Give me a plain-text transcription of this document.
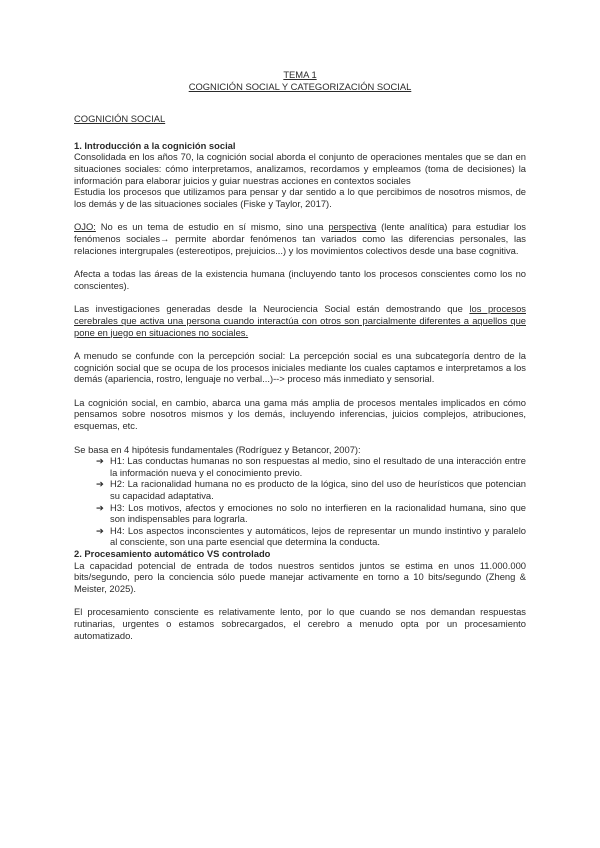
TEMA 1

COGNICIÓN SOCIAL Y CATEGORIZACIÓN SOCIAL

COGNICIÓN SOCIAL

1. Introducción a la cognición social

Consolidada en los años 70, la cognición social aborda el conjunto de operaciones mentales que se dan en situaciones sociales: cómo interpretamos, analizamos, recordamos y empleamos (toma de decisiones) la información para elaborar juicios y guiar nuestras acciones en contextos sociales

Estudia los procesos que utilizamos para pensar y dar sentido a lo que percibimos de nosotros mismos, de los demás y de las situaciones sociales (Fiske y Taylor, 2017).

OJO: No es un tema de estudio en sí mismo, sino una perspectiva (lente analítica) para estudiar los fenómenos sociales→ permite abordar fenómenos tan variados como las diferencias personales, las relaciones intergrupales (estereotipos, prejuicios...) y los movimientos colectivos desde una base cognitiva.

Afecta a todas las áreas de la existencia humana (incluyendo tanto los procesos conscientes como los no conscientes).

Las investigaciones generadas desde la Neurociencia Social están demostrando que los procesos cerebrales que activa una persona cuando interactúa con otros son parcialmente diferentes a aquellos que pone en juego en situaciones no sociales.

A menudo se confunde con la percepción social: La percepción social es una subcategoría dentro de la cognición social que se ocupa de los procesos iniciales mediante los cuales captamos e interpretamos a los demás (apariencia, rostro, lenguaje no verbal...)--> proceso más inmediato y sensorial.

La cognición social, en cambio, abarca una gama más amplia de procesos mentales implicados en cómo pensamos sobre nosotros mismos y los demás, incluyendo inferencias, juicios complejos, atribuciones, esquemas, etc.

Se basa en 4 hipótesis fundamentales (Rodríguez y Betancor, 2007):

➔ H1: Las conductas humanas no son respuestas al medio, sino el resultado de una interacción entre la información nueva y el conocimiento previo.
➔ H2: La racionalidad humana no es producto de la lógica, sino del uso de heurísticos que potencian su capacidad adaptativa.
➔ H3: Los motivos, afectos y emociones no solo no interfieren en la racionalidad humana, sino que son indispensables para lograrla.
➔ H4: Los aspectos inconscientes y automáticos, lejos de representar un mundo instintivo y paralelo al consciente, son una parte esencial que determina la conducta.

2. Procesamiento automático VS controlado

La capacidad potencial de entrada de todos nuestros sentidos juntos se estima en unos 11.000.000 bits/segundo, pero la conciencia sólo puede manejar activamente en torno a 10 bits/segundo (Zheng & Meister, 2025).

El procesamiento consciente es relativamente lento, por lo que cuando se nos demandan respuestas rutinarias, urgentes o estamos sobrecargados, el cerebro a menudo opta por un procesamiento automatizado.
